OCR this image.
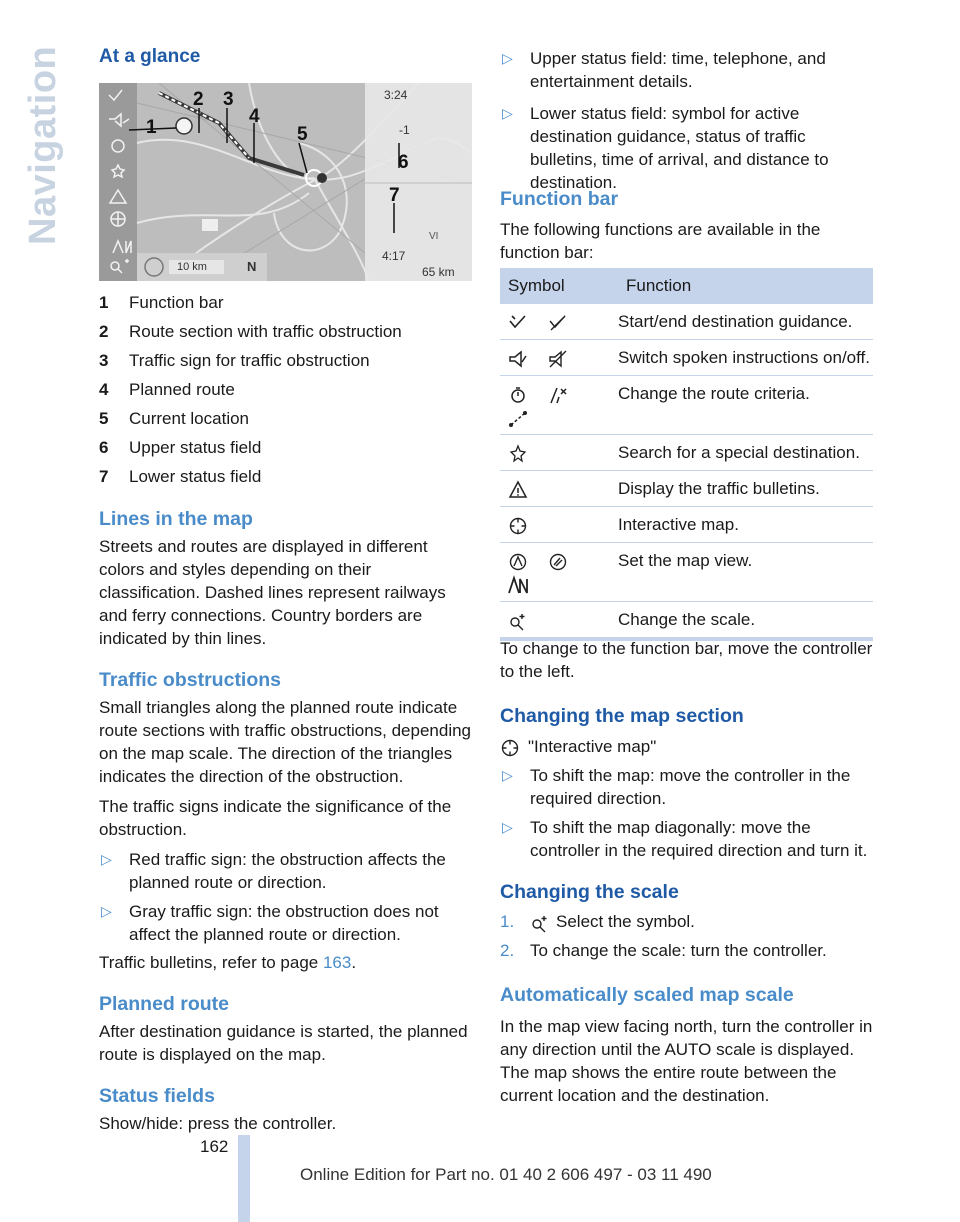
Navigation At a glance
1
2 3
4
5
6
7
3:24
-1
VI
4:17
65 km
10 km	N
1	Function bar
2	Route section with traffic obstruction
3	Traffic sign for traffic obstruction
4	Planned route
5	Current location
6	Upper status field
7	Lower status field
Lines in the map

Streets and routes are displayed in different colors and styles depending on their classification. Dashed lines represent railways and ferry connections. Country borders are indicated by thin lines.

Traffic obstructions

Small triangles along the planned route indicate route sections with traffic obstructions, depending on the map scale. The direction of the triangles indicates the direction of the obstruction.

The traffic signs indicate the significance of the obstruction.

▷ Red traffic sign: the obstruction affects the planned route or direction.
▷ Gray traffic sign: the obstruction does not affect the planned route or direction.

Traffic bulletins, refer to page 163.

Planned route

After destination guidance is started, the planned route is displayed on the map.

Status fields

Show/hide: press the controller.

▷ Upper status field: time, telephone, and entertainment details.
▷ Lower status field: symbol for active destination guidance, status of traffic bulletins, time of arrival, and distance to destination.
Function bar

The following functions are available in the function bar:

Symbol	Function
	Start/end destination guidance.
	Switch spoken instructions on/off.
	Change the route criteria.
	Search for a special destination.
	Display the traffic bulletins.
	Interactive map.
	Set the map view.
	Change the scale.

To change to the function bar, move the controller to the left.

Changing the map section

"Interactive map"

▷ To shift the map: move the controller in the required direction.
▷ To shift the map diagonally: move the controller in the required direction and turn it.
Changing the scale
1. Select the symbol.
2. To change the scale: turn the controller.
Automatically scaled map scale

In the map view facing north, turn the controller in any direction until the AUTO scale is displayed. The map shows the entire route between the current location and the destination.

162
Online Edition for Part no. 01 40 2 606 497 - 03 11 490
